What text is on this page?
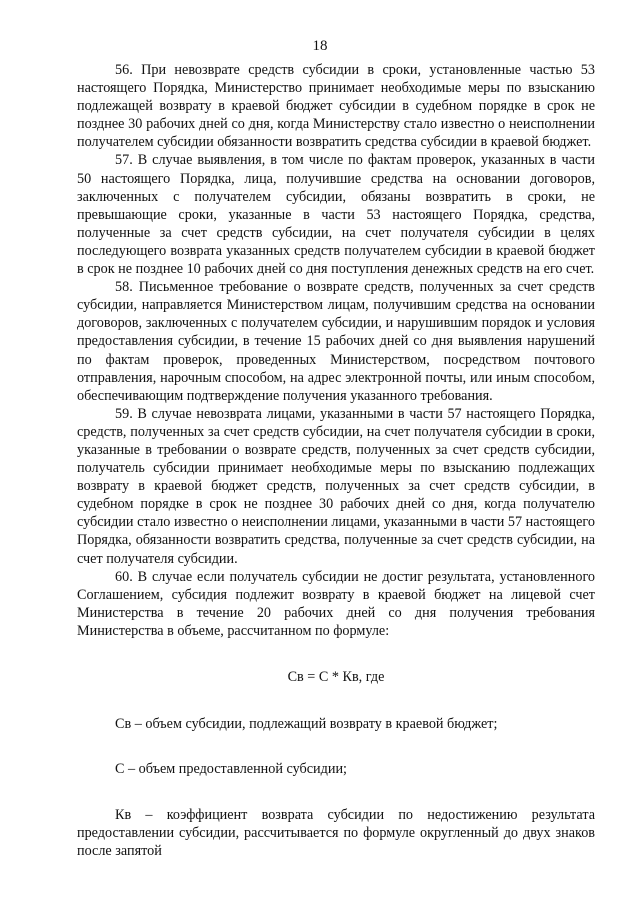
18

56. При невозврате средств субсидии в сроки, установленные частью 53 настоящего Порядка, Министерство принимает необходимые меры по взысканию подлежащей возврату в краевой бюджет субсидии в судебном порядке в срок не позднее 30 рабочих дней со дня, когда Министерству стало известно о неисполнении получателем субсидии обязанности возвратить средства субсидии в краевой бюджет.

57. В случае выявления, в том числе по фактам проверок, указанных в части 50 настоящего Порядка, лица, получившие средства на основании договоров, заключенных с получателем субсидии, обязаны возвратить в сроки, не превышающие сроки, указанные в части 53 настоящего Порядка, средства, полученные за счет средств субсидии, на счет получателя субсидии в целях последующего возврата указанных средств получателем субсидии в краевой бюджет в срок не позднее 10 рабочих дней со дня поступления денежных средств на его счет.

58. Письменное требование о возврате средств, полученных за счет средств субсидии, направляется Министерством лицам, получившим средства на основании договоров, заключенных с получателем субсидии, и нарушившим порядок и условия предоставления субсидии, в течение 15 рабочих дней со дня выявления нарушений по фактам проверок, проведенных Министерством, посредством почтового отправления, нарочным способом, на адрес электронной почты, или иным способом, обеспечивающим подтверждение получения указанного требования.

59. В случае невозврата лицами, указанными в части 57 настоящего Порядка, средств, полученных за счет средств субсидии, на счет получателя субсидии в сроки, указанные в требовании о возврате средств, полученных за счет средств субсидии, получатель субсидии принимает необходимые меры по взысканию подлежащих возврату в краевой бюджет средств, полученных за счет средств субсидии, в судебном порядке в срок не позднее 30 рабочих дней со дня, когда получателю субсидии стало известно о неисполнении лицами, указанными в части 57 настоящего Порядка, обязанности возвратить средства, полученные за счет средств субсидии, на счет получателя субсидии.

60. В случае если получатель субсидии не достиг результата, установленного Соглашением, субсидия подлежит возврату в краевой бюджет на лицевой счет Министерства в течение 20 рабочих дней со дня получения требования Министерства в объеме, рассчитанном по формуле:

Св = С * Кв, где

Св – объем субсидии, подлежащий возврату в краевой бюджет;

С – объем предоставленной субсидии;

Кв – коэффициент возврата субсидии по недостижению результата предоставлении субсидии, рассчитывается по формуле округленный до двух знаков после запятой
